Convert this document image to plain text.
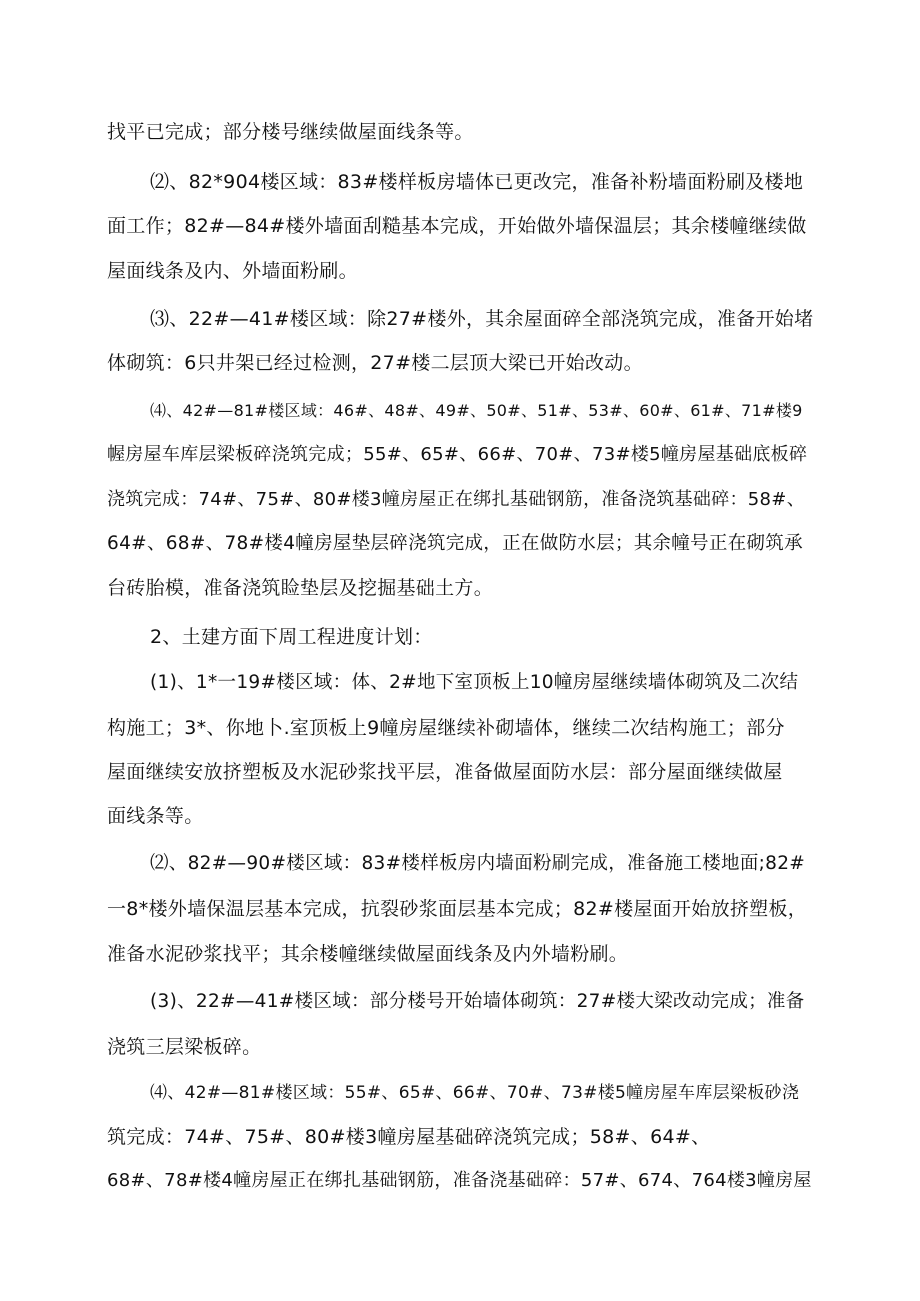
找平已完成；部分楼号继续做屋面线条等。
⑵、82*904楼区域：83#楼样板房墙体已更改完，准备补粉墙面粉刷及楼地
面工作；82#—84#楼外墙面刮糙基本完成，开始做外墙保温层；其余楼幢继续做
屋面线条及内、外墙面粉刷。
⑶、22#—41#楼区域：除27#楼外，其余屋面碎全部浇筑完成，准备开始堵
体砌筑：6只井架已经过检测，27#楼二层顶大梁已开始改动。
⑷、42#—81#楼区域：46#、48#、49#、50#、51#、53#、60#、61#、71#楼9
幄房屋车库层梁板碎浇筑完成；55#、65#、66#、70#、73#楼5幢房屋基础底板碎
浇筑完成：74#、75#、80#楼3幢房屋正在绑扎基础钢筋，准备浇筑基础碎：58#、
64#、68#、78#楼4幢房屋垫层碎浇筑完成，正在做防水层；其余幢号正在砌筑承
台砖胎模，准备浇筑睑垫层及挖掘基础土方。
2、土建方面下周工程进度计划：
(1)、1*一19#楼区域：体、2#地下室顶板上10幢房屋继续墙体砌筑及二次结
构施工；3*、你地卜.室顶板上9幢房屋继续补砌墙体，继续二次结构施工；部分
屋面继续安放挤塑板及水泥砂浆找平层，准备做屋面防水层：部分屋面继续做屋
面线条等。
⑵、82#—90#楼区域：83#楼样板房内墙面粉刷完成，准备施工楼地面;82#
一8*楼外墙保温层基本完成，抗裂砂浆面层基本完成；82#楼屋面开始放挤塑板，
准备水泥砂浆找平；其余楼幢继续做屋面线条及内外墙粉刷。
(3)、22#—41#楼区域：部分楼号开始墙体砌筑：27#楼大梁改动完成；准备
浇筑三层梁板碎。
⑷、42#—81#楼区域：55#、65#、66#、70#、73#楼5幢房屋车库层梁板砂浇
筑完成：74#、75#、80#楼3幢房屋基础碎浇筑完成；58#、64#、
68#、78#楼4幢房屋正在绑扎基础钢筋，准备浇基础碎：57#、674、764楼3幢房屋
